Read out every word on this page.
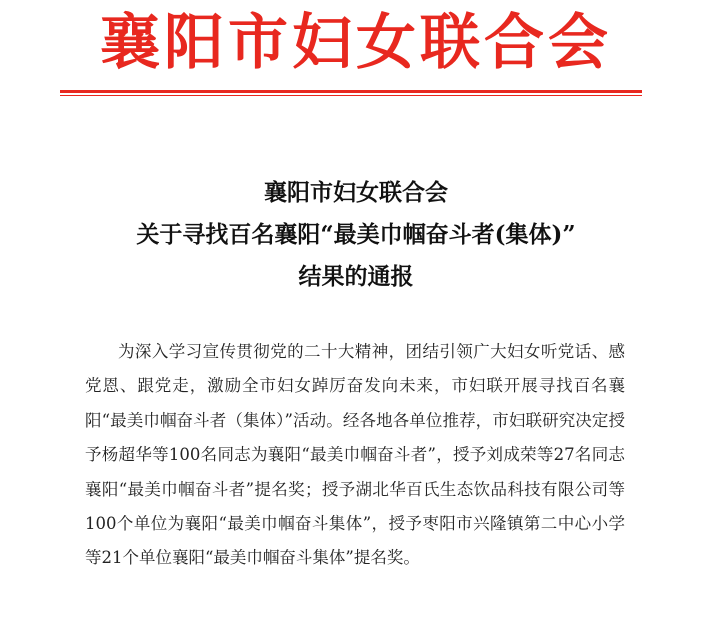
襄阳市妇女联合会
襄阳市妇女联合会
关于寻找百名襄阳“最美巾帼奋斗者(集体)”
结果的通报

为深入学习宣传贯彻党的二十大精神，团结引领广大妇女听党话、感党恩、跟党走，激励全市妇女踔厉奋发向未来，市妇联开展寻找百名襄阳“最美巾帼奋斗者（集体）”活动。经各地各单位推荐，市妇联研究决定授予杨超华等100名同志为襄阳“最美巾帼奋斗者”，授予刘成荣等27名同志襄阳“最美巾帼奋斗者”提名奖；授予湖北华百氏生态饮品科技有限公司等100个单位为襄阳“最美巾帼奋斗集体”，授予枣阳市兴隆镇第二中心小学等21个单位襄阳“最美巾帼奋斗集体”提名奖。
